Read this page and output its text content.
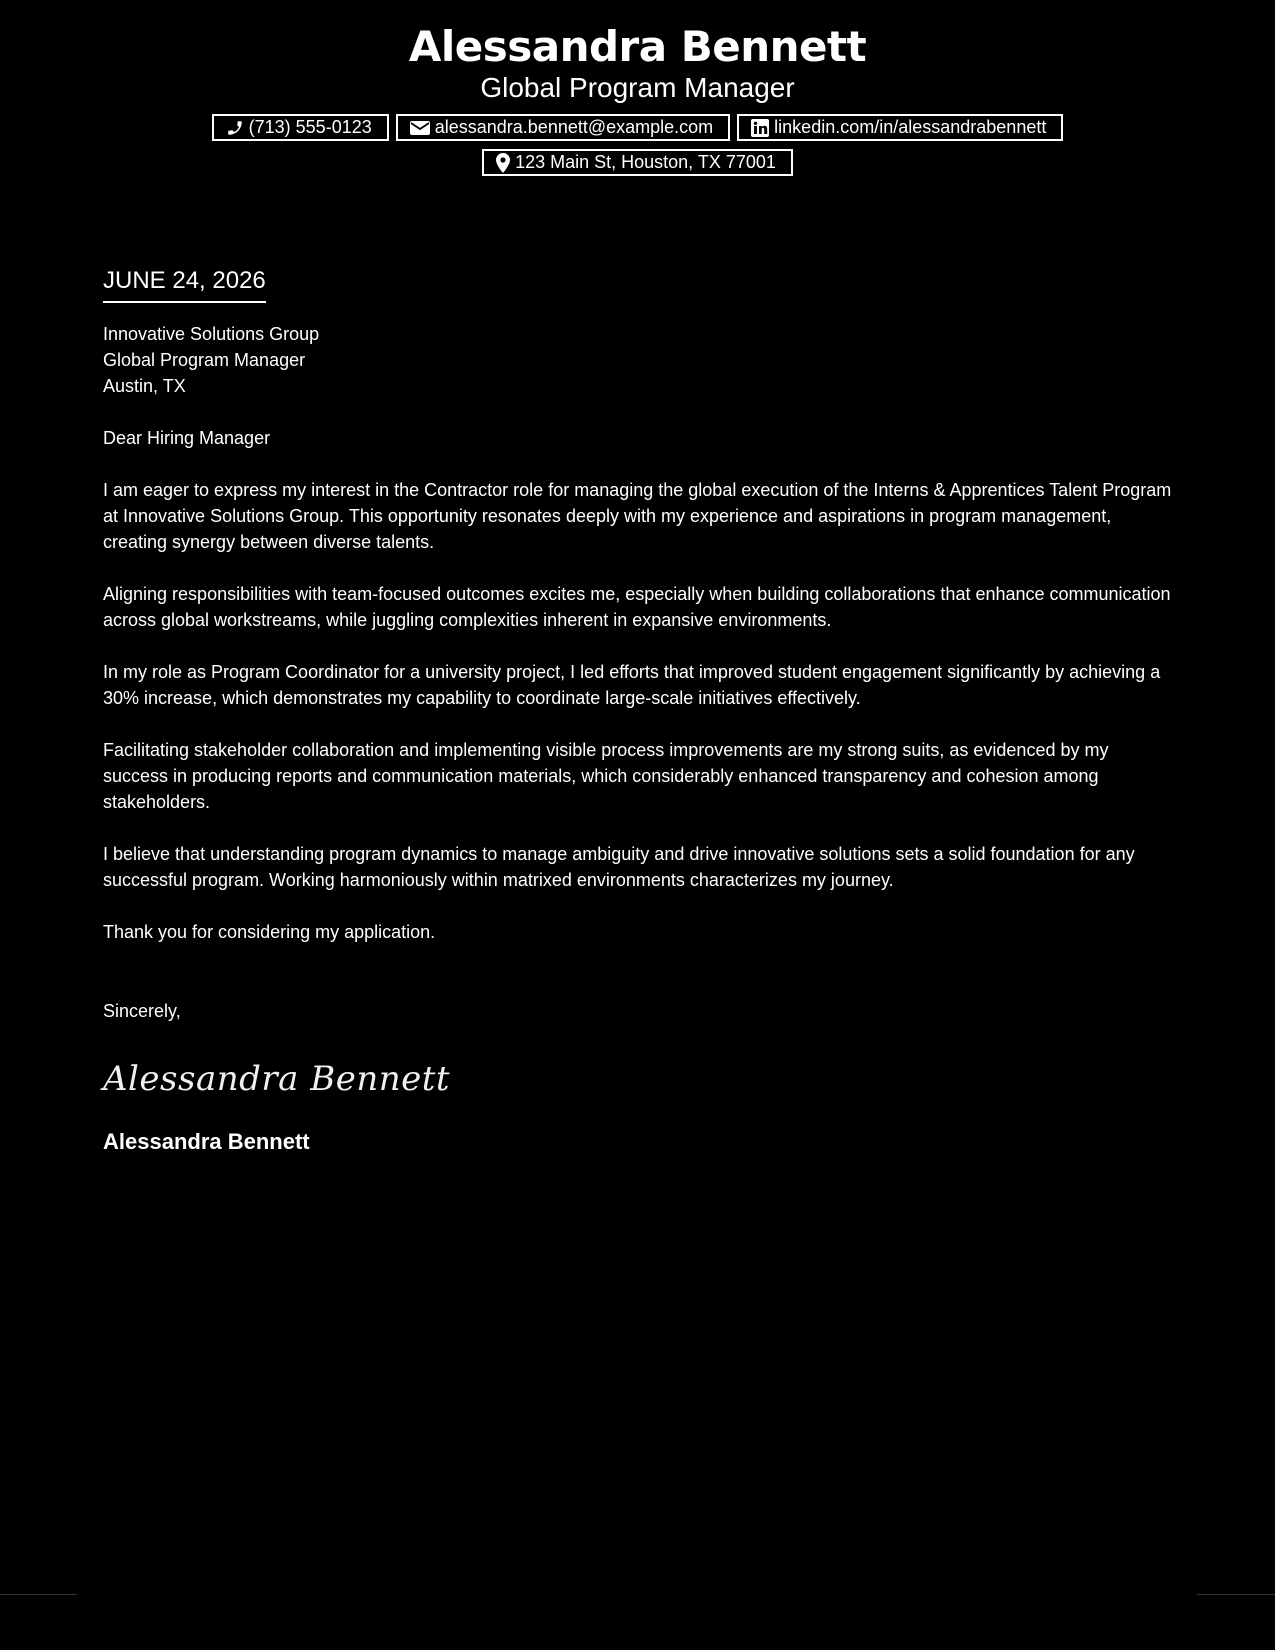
Alessandra Bennett
Global Program Manager
(713) 555-0123	alessandra.bennett@example.com	linkedin.com/in/alessandrabennett
123 Main St, Houston, TX 77001
JUNE 24, 2026
Innovative Solutions Group
Global Program Manager
Austin, TX
Dear Hiring Manager
I am eager to express my interest in the Contractor role for managing the global execution of the Interns & Apprentices Talent Program at Innovative Solutions Group. This opportunity resonates deeply with my experience and aspirations in program management, creating synergy between diverse talents.
Aligning responsibilities with team-focused outcomes excites me, especially when building collaborations that enhance communication across global workstreams, while juggling complexities inherent in expansive environments.
In my role as Program Coordinator for a university project, I led efforts that improved student engagement significantly by achieving a 30% increase, which demonstrates my capability to coordinate large-scale initiatives effectively.
Facilitating stakeholder collaboration and implementing visible process improvements are my strong suits, as evidenced by my success in producing reports and communication materials, which considerably enhanced transparency and cohesion among stakeholders.
I believe that understanding program dynamics to manage ambiguity and drive innovative solutions sets a solid foundation for any successful program. Working harmoniously within matrixed environments characterizes my journey.
Thank you for considering my application.
Sincerely,
Alessandra Bennett
Alessandra Bennett
